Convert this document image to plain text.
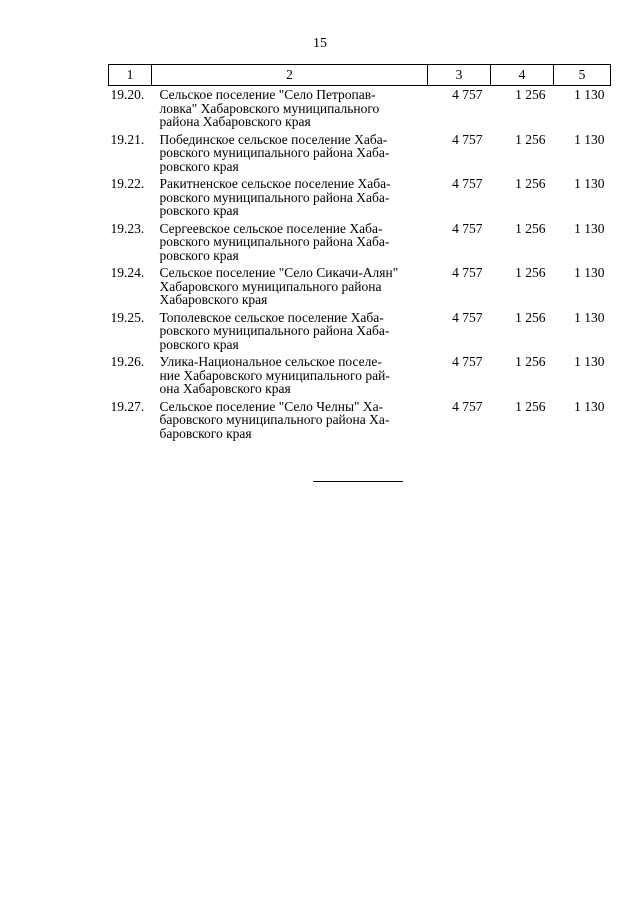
15
1	2	3	4	5
19.20.	Сельское поселение "Село Петропав-
ловка" Хабаровского муниципального
района Хабаровского края	4 757	1 256	1 130
19.21.	Побединское сельское поселение Хаба-
ровского муниципального района Хаба-
ровского края	4 757	1 256	1 130
19.22.	Ракитненское сельское поселение Хаба-
ровского муниципального района Хаба-
ровского края	4 757	1 256	1 130
19.23.	Сергеевское сельское поселение Хаба-
ровского муниципального района Хаба-
ровского края	4 757	1 256	1 130
19.24.	Сельское поселение "Село Сикачи-Алян"
Хабаровского муниципального района
Хабаровского края	4 757	1 256	1 130
19.25.	Тополевское сельское поселение Хаба-
ровского муниципального района Хаба-
ровского края	4 757	1 256	1 130
19.26.	Улика-Национальное сельское поселе-
ние Хабаровского муниципального рай-
она Хабаровского края	4 757	1 256	1 130
19.27.	Сельское поселение "Село Челны" Ха-
баровского муниципального района Ха-
баровского края	4 757	1 256	1 130
